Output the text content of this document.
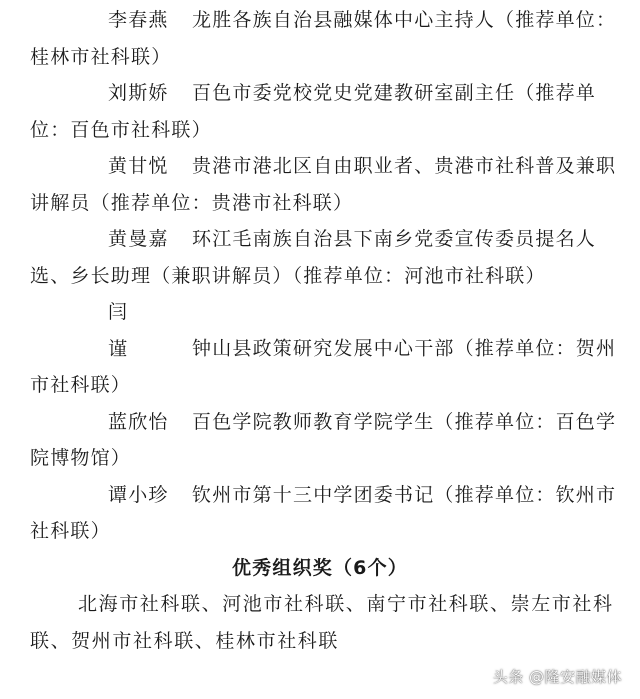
李春燕 龙胜各族自治县融媒体中心主持人（推荐单位：桂林市社科联）

刘斯娇 百色市委党校党史党建教研室副主任（推荐单位：百色市社科联）

黄甘悦 贵港市港北区自由职业者、贵港市社科普及兼职讲解员（推荐单位：贵港市社科联）

黄曼嘉 环江毛南族自治县下南乡党委宣传委员提名人选、乡长助理（兼职讲解员）（推荐单位：河池市社科联）

闫谨 钟山县政策研究发展中心干部（推荐单位：贺州市社科联）

蓝欣怡 百色学院教师教育学院学生（推荐单位：百色学院博物馆）

谭小珍 钦州市第十三中学团委书记（推荐单位：钦州市社科联）

优秀组织奖（6个）

北海市社科联、河池市社科联、南宁市社科联、崇左市社科联、贺州市社科联、桂林市社科联

头条 @隆安融媒体
